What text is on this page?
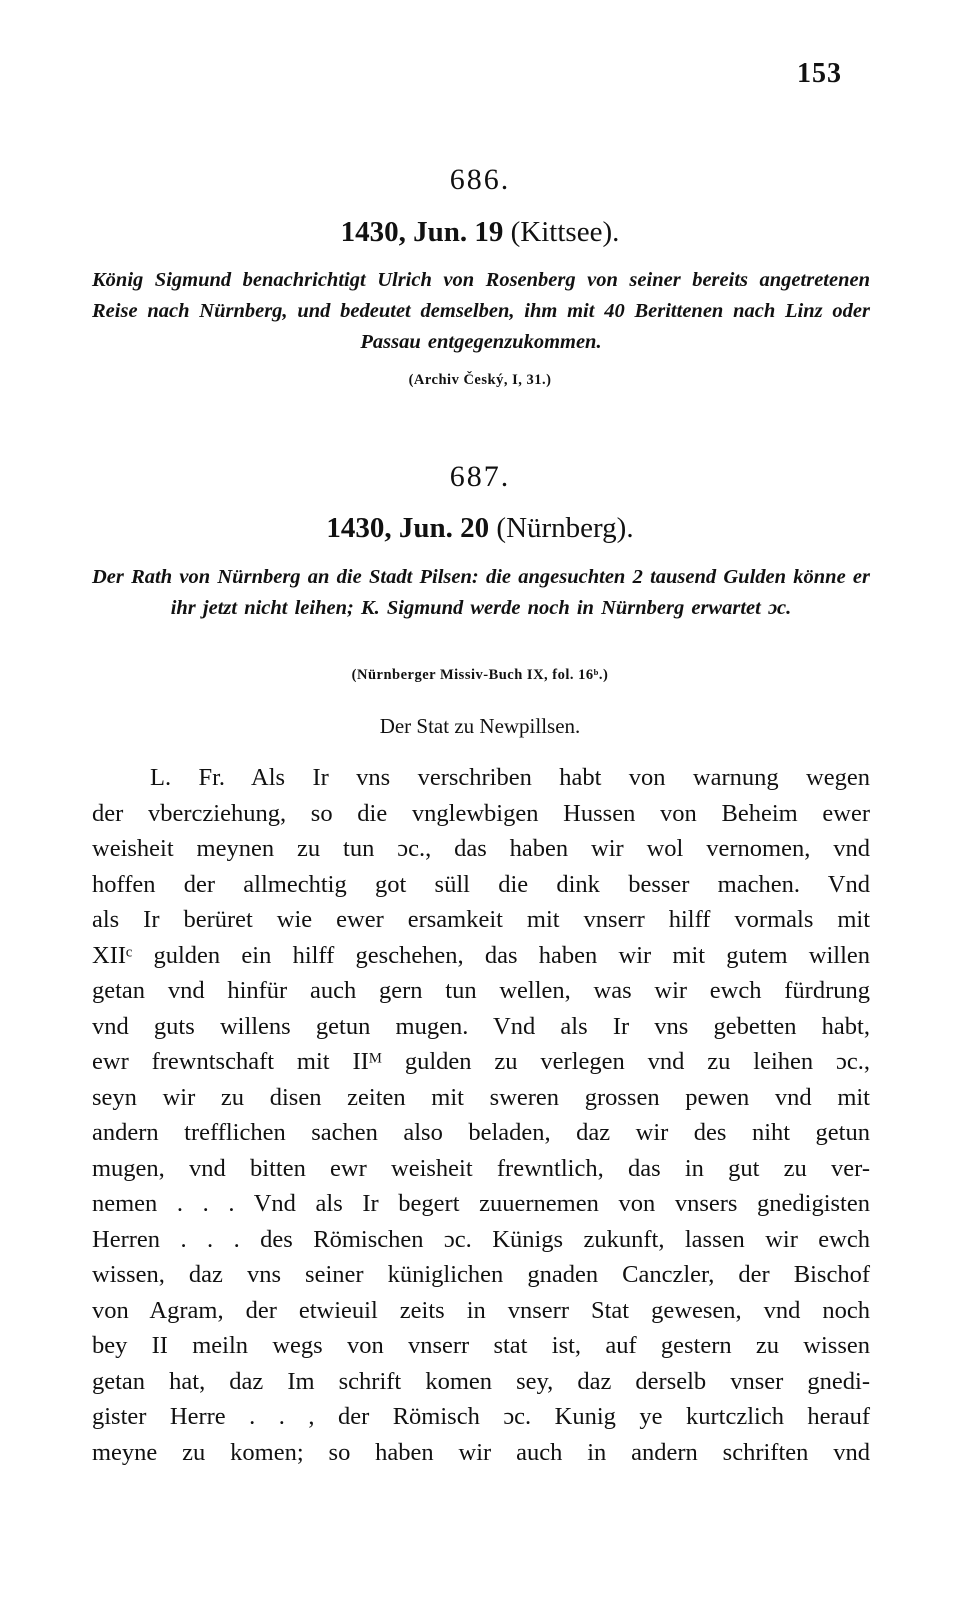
153
686.
1430, Jun. 19 (Kittsee).
König Sigmund benachrichtigt Ulrich von Rosenberg von seiner bereits angetretenen Reise nach Nürnberg, und bedeutet demselben, ihm mit 40 Berittenen nach Linz oder Passau entgegenzukommen.
(Archiv Český, I, 31.)
687.
1430, Jun. 20 (Nürnberg).
Der Rath von Nürnberg an die Stadt Pilsen: die angesuchten 2 tausend Gulden könne er ihr jetzt nicht leihen; K. Sigmund werde noch in Nürnberg erwartet ɔc.
(Nürnberger Missiv-Buch IX, fol. 16ᵇ.)
Der Stat zu Newpillsen.
L. Fr. Als Ir vns verschriben habt von warnung wegen
der vbercziehung, so die vnglewbigen Hussen von Beheim ewer
weisheit meynen zu tun ɔc., das haben wir wol vernomen, vnd
hoffen der allmechtig got süll die dink besser machen. Vnd
als Ir berüret wie ewer ersamkeit mit vnserr hilff vormals mit
XIIᶜ gulden ein hilff geschehen, das haben wir mit gutem willen
getan vnd hinfür auch gern tun wellen, was wir ewch fürdrung
vnd guts willens getun mugen. Vnd als Ir vns gebetten habt,
ewr frewntschaft mit IIᴹ gulden zu verlegen vnd zu leihen ɔc.,
seyn wir zu disen zeiten mit sweren grossen pewen vnd mit
andern trefflichen sachen also beladen, daz wir des niht getun
mugen, vnd bitten ewr weisheit frewntlich, das in gut zu ver-
nemen . . . Vnd als Ir begert zuuernemen von vnsers gnedigisten
Herren . . . des Römischen ɔc. Künigs zukunft, lassen wir ewch
wissen, daz vns seiner küniglichen gnaden Canczler, der Bischof
von Agram, der etwieuil zeits in vnserr Stat gewesen, vnd noch
bey II meiln wegs von vnserr stat ist, auf gestern zu wissen
getan hat, daz Im schrift komen sey, daz derselb vnser gnedi-
gister Herre . . , der Römisch ɔc. Kunig ye kurtczlich herauf
meyne zu komen; so haben wir auch in andern schriften vnd
